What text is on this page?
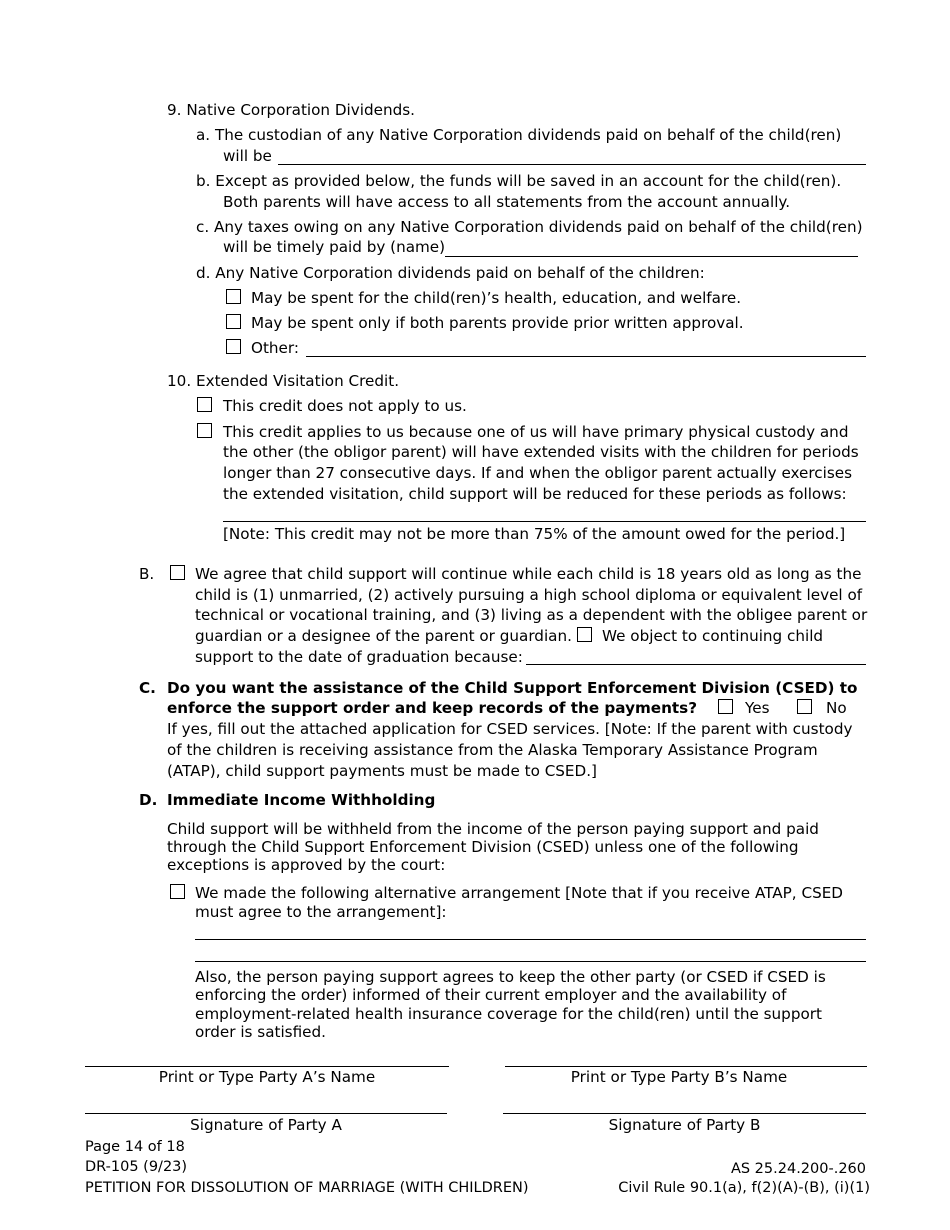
9. Native Corporation Dividends.
a. The custodian of any Native Corporation dividends paid on behalf of the child(ren)
will be
b. Except as provided below, the funds will be saved in an account for the child(ren).
Both parents will have access to all statements from the account annually.
c. Any taxes owing on any Native Corporation dividends paid on behalf of the child(ren)
will be timely paid by (name)
d. Any Native Corporation dividends paid on behalf of the children:
May be spent for the child(ren)’s health, education, and welfare.
May be spent only if both parents provide prior written approval.
Other:
10. Extended Visitation Credit.
This credit does not apply to us.
This credit applies to us because one of us will have primary physical custody and
the other (the obligor parent) will have extended visits with the children for periods
longer than 27 consecutive days. If and when the obligor parent actually exercises
the extended visitation, child support will be reduced for these periods as follows:
[Note: This credit may not be more than 75% of the amount owed for the period.]
B.	We agree that child support will continue while each child is 18 years old as long as the
child is (1) unmarried, (2) actively pursuing a high school diploma or equivalent level of
technical or vocational training, and (3) living as a dependent with the obligee parent or
guardian or a designee of the parent or guardian. We object to continuing child
support to the date of graduation because:
C. Do you want the assistance of the Child Support Enforcement Division (CSED) to
enforce the support order and keep records of the payments?	Yes	No
If yes, fill out the attached application for CSED services. [Note: If the parent with custody
of the children is receiving assistance from the Alaska Temporary Assistance Program
(ATAP), child support payments must be made to CSED.]
D. Immediate Income Withholding
Child support will be withheld from the income of the person paying support and paid
through the Child Support Enforcement Division (CSED) unless one of the following
exceptions is approved by the court:
We made the following alternative arrangement [Note that if you receive ATAP, CSED
must agree to the arrangement]:
Also, the person paying support agrees to keep the other party (or CSED if CSED is
enforcing the order) informed of their current employer and the availability of
employment-related health insurance coverage for the child(ren) until the support
order is satisfied.
Print or Type Party A’s Name	Print or Type Party B’s Name
Signature of Party A	Signature of Party B
Page 14 of 18
DR-105 (9/23)
PETITION FOR DISSOLUTION OF MARRIAGE (WITH CHILDREN)
AS 25.24.200-.260
Civil Rule 90.1(a), f(2)(A)-(B), (i)(1)
